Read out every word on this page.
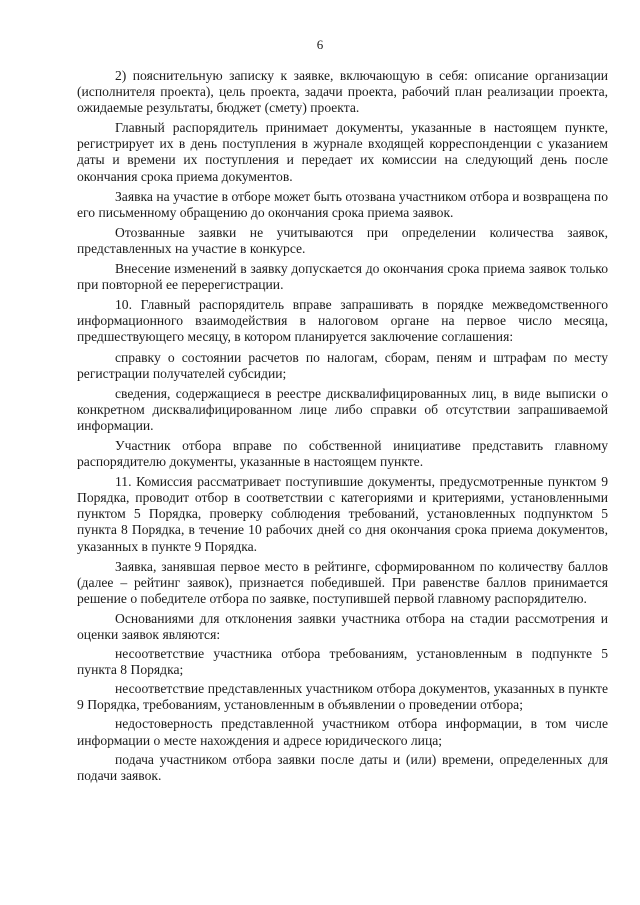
6

2) пояснительную записку к заявке, включающую в себя: описание организации (исполнителя проекта), цель проекта, задачи проекта, рабочий план реализации проекта, ожидаемые результаты, бюджет (смету) проекта.

Главный распорядитель принимает документы, указанные в настоящем пункте, регистрирует их в день поступления в журнале входящей корреспонденции с указанием даты и времени их поступления и передает их комиссии на следующий день после окончания срока приема документов.

Заявка на участие в отборе может быть отозвана участником отбора и возвращена по его письменному обращению до окончания срока приема заявок.

Отозванные заявки не учитываются при определении количества заявок, представленных на участие в конкурсе.

Внесение изменений в заявку допускается до окончания срока приема заявок только при повторной ее перерегистрации.

10. Главный распорядитель вправе запрашивать в порядке межведомственного информационного взаимодействия в налоговом органе на первое число месяца, предшествующего месяцу, в котором планируется заключение соглашения:

справку о состоянии расчетов по налогам, сборам, пеням и штрафам по месту регистрации получателей субсидии;

сведения, содержащиеся в реестре дисквалифицированных лиц, в виде выписки о конкретном дисквалифицированном лице либо справки об отсутствии запрашиваемой информации.

Участник отбора вправе по собственной инициативе представить главному распорядителю документы, указанные в настоящем пункте.

11. Комиссия рассматривает поступившие документы, предусмотренные пунктом 9 Порядка, проводит отбор в соответствии с категориями и критериями, установленными пунктом 5 Порядка, проверку соблюдения требований, установленных подпунктом 5 пункта 8 Порядка, в течение 10 рабочих дней со дня окончания срока приема документов, указанных в пункте 9 Порядка.

Заявка, занявшая первое место в рейтинге, сформированном по количеству баллов (далее – рейтинг заявок), признается победившей. При равенстве баллов принимается решение о победителе отбора по заявке, поступившей первой главному распорядителю.

Основаниями для отклонения заявки участника отбора на стадии рассмотрения и оценки заявок являются:

несоответствие участника отбора требованиям, установленным в подпункте 5 пункта 8 Порядка;

несоответствие представленных участником отбора документов, указанных в пункте 9 Порядка, требованиям, установленным в объявлении о проведении отбора;

недостоверность представленной участником отбора информации, в том числе информации о месте нахождения и адресе юридического лица;

подача участником отбора заявки после даты и (или) времени, определенных для подачи заявок.
